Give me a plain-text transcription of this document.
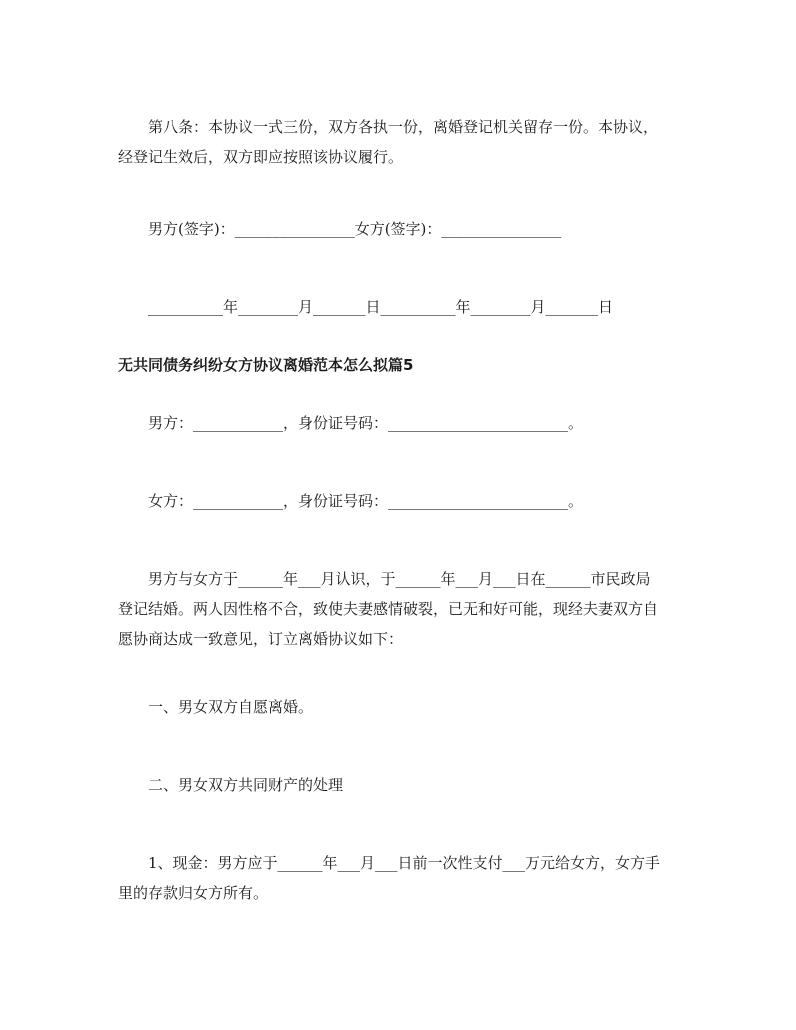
第八条：本协议一式三份，双方各执一份，离婚登记机关留存一份。本协议，
经登记生效后，双方即应按照该协议履行。
男方(签字)：________________女方(签字)：________________
__________年________月_______日__________年________月_______日
无共同债务纠纷女方协议离婚范本怎么拟篇5
男方：____________，身份证号码：________________________。
女方：____________，身份证号码：________________________。
男方与女方于______年___月认识，于______年___月___日在______市民政局
登记结婚。两人因性格不合，致使夫妻感情破裂，已无和好可能，现经夫妻双方自
愿协商达成一致意见，订立离婚协议如下：
一、男女双方自愿离婚。
二、男女双方共同财产的处理
1、现金：男方应于______年___月___日前一次性支付___万元给女方，女方手
里的存款归女方所有。
